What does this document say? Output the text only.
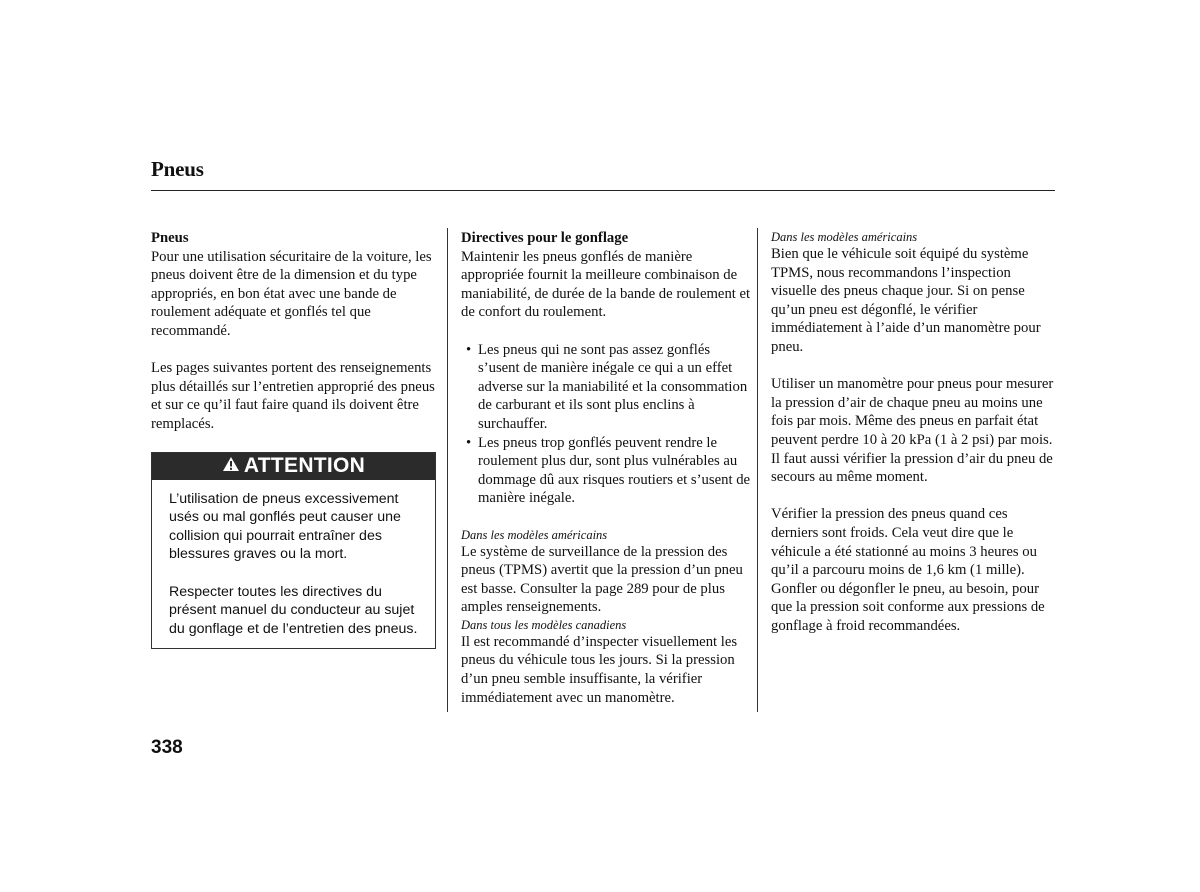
Pneus

Pneus

Pour une utilisation sécuritaire de la voiture, les pneus doivent être de la dimension et du type appropriés, en bon état avec une bande de roulement adéquate et gonflés tel que recommandé.

Les pages suivantes portent des renseignements plus détaillés sur l’entretien approprié des pneus et sur ce qu’il faut faire quand ils doivent être remplacés.

ATTENTION

L’utilisation de pneus excessivement usés ou mal gonflés peut causer une collision qui pourrait entraîner des blessures graves ou la mort.

Respecter toutes les directives du présent manuel du conducteur au sujet du gonflage et de l’entretien des pneus.

Directives pour le gonflage

Maintenir les pneus gonflés de manière appropriée fournit la meilleure combinaison de maniabilité, de durée de la bande de roulement et de confort du roulement.

• Les pneus qui ne sont pas assez gonflés s’usent de manière inégale ce qui a un effet adverse sur la maniabilité et la consommation de carburant et ils sont plus enclins à surchauffer.
• Les pneus trop gonflés peuvent rendre le roulement plus dur, sont plus vulnérables au dommage dû aux risques routiers et s’usent de manière inégale.

Dans les modèles américains

Le système de surveillance de la pression des pneus (TPMS) avertit que la pression d’un pneu est basse. Consulter la page 289 pour de plus amples renseignements.

Dans tous les modèles canadiens

Il est recommandé d’inspecter visuellement les pneus du véhicule tous les jours. Si la pression d’un pneu semble insuffisante, la vérifier immédiatement avec un manomètre.

Dans les modèles américains

Bien que le véhicule soit équipé du système TPMS, nous recommandons l’inspection visuelle des pneus chaque jour. Si on pense qu’un pneu est dégonflé, le vérifier immédiatement à l’aide d’un manomètre pour pneu.

Utiliser un manomètre pour pneus pour mesurer la pression d’air de chaque pneu au moins une fois par mois. Même des pneus en parfait état peuvent perdre 10 à 20 kPa (1 à 2 psi) par mois. Il faut aussi vérifier la pression d’air du pneu de secours au même moment.

Vérifier la pression des pneus quand ces derniers sont froids. Cela veut dire que le véhicule a été stationné au moins 3 heures ou qu’il a parcouru moins de 1,6 km (1 mille). Gonfler ou dégonfler le pneu, au besoin, pour que la pression soit conforme aux pressions de gonflage à froid recommandées.

338
